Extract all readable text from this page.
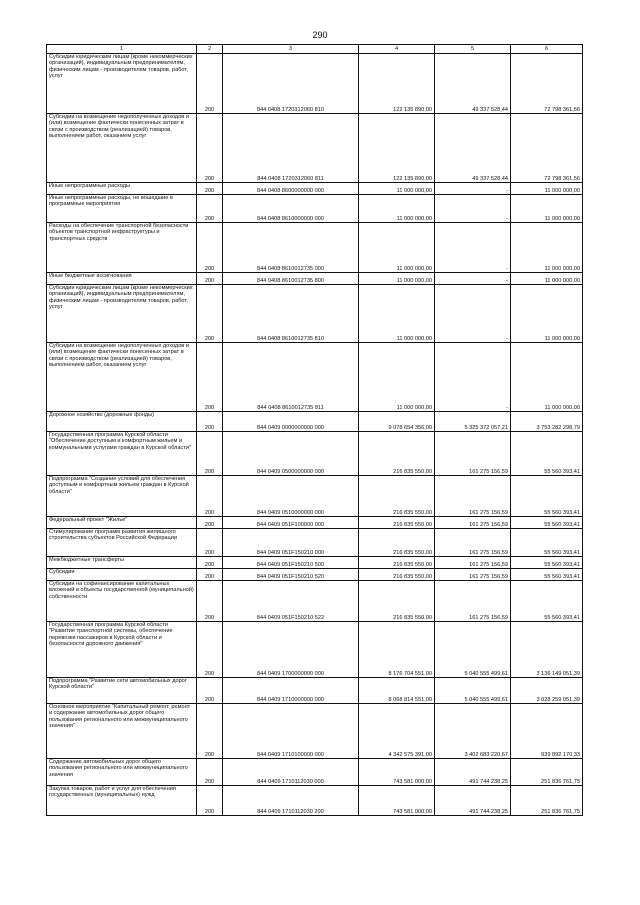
290
1	2	3	4	5	6
Субсидии юридическим лицам (кроме некоммерческих организаций), индивидуальным предпринимателям, физическим лицам - производителям товаров, работ, услуг	200	844 0408 1720312060 810	122 135 890,00	49 337 528,44	72 798 361,56
Субсидии на возмещение недополученных доходов и (или) возмещение фактически понесенных затрат в связи с производством (реализацией) товаров, выполнением работ, оказанием услуг	200	844 0408 1720312060 811	122 135 890,00	49 337 528,44	72 798 361,56
Иные непрограммные расходы	200	844 0408 8600000000 000	11 000 000,00	-	11 000 000,00
Иные непрограммные расходы, не вошедшие в программные мероприятия	200	844 0408 8610000000 000	11 000 000,00	-	11 000 000,00
Расходы на обеспечение транспортной безопасности объектов транспортной инфраструктуры и транспортных средств	200	844 0408 8610012735 000	11 000 000,00	-	11 000 000,00
Иные бюджетные ассигнования	200	844 0408 8610012735 800	11 000 000,00	-	11 000 000,00
Субсидии юридическим лицам (кроме некоммерческих организаций), индивидуальным предпринимателям, физическим лицам - производителям товаров, работ, услуг	200	844 0408 8610012735 810	11 000 000,00	-	11 000 000,00
Субсидии на возмещение недополученных доходов и (или) возмещение фактически понесенных затрат в связи с производством (реализацией) товаров, выполнением работ, оказанием услуг	200	844 0408 8610012735 811	11 000 000,00	-	11 000 000,00
Дорожное хозяйство (дорожные фонды)	200	844 0409 0000000000 000	9 078 654 356,00	5 325 372 057,21	3 753 282 298,79
Государственная программа Курской области "Обеспечение доступным и комфортным жильем и коммунальными услугами граждан в Курской области"	200	844 0409 0500000000 000	216 835 550,00	161 275 156,59	55 560 393,41
Подпрограмма "Создание условий для обеспечения доступным и комфортным жильем граждан в Курской области"	200	844 0409 0510000000 000	216 835 550,00	161 275 156,59	55 560 393,41
Федеральный проект "Жилье"	200	844 0409 051F100000 000	216 835 550,00	161 275 156,59	55 560 393,41
Стимулирование программ развития жилищного строительства субъектов Российской Федерации	200	844 0409 051F150210 000	216 835 550,00	161 275 156,59	55 560 393,41
Межбюджетные трансферты	200	844 0409 051F150210 500	216 835 550,00	161 275 156,59	55 560 393,41
Субсидии	200	844 0409 051F150210 520	216 835 550,00	161 275 156,59	55 560 393,41
Субсидии на софинансирование капитальных вложений в объекты государственной (муниципальной) собственности	200	844 0409 051F150210 522	216 835 550,00	161 275 156,59	55 560 393,41
Государственная программа Курской области "Развитие транспортной системы, обеспечение перевозки пассажиров в Курской области и безопасности дорожного движения"	200	844 0409 1700000000 000	8 176 704 551,00	5 040 555 499,61	3 136 149 051,39
Подпрограмма "Развитие сети автомобильных дорог Курской области"	200	844 0409 1710000000 000	8 068 814 551,00	5 040 555 499,61	3 028 259 051,39
Основное мероприятие "Капитальный ремонт, ремонт и содержание автомобильных дорог общего пользования регионального или межмуниципального значения"	200	844 0409 1710100000 000	4 342 575 391,00	3 402 683 220,67	939 892 170,33
Содержание автомобильных дорог общего пользования регионального или межмуниципального значения	200	844 0409 1710112030 000	743 581 000,00	491 744 238,25	251 836 761,75
Закупка товаров, работ и услуг для обеспечения государственных (муниципальных) нужд	200	844 0409 1710112030 200	743 581 000,00	491 744 238,25	251 836 761,75
